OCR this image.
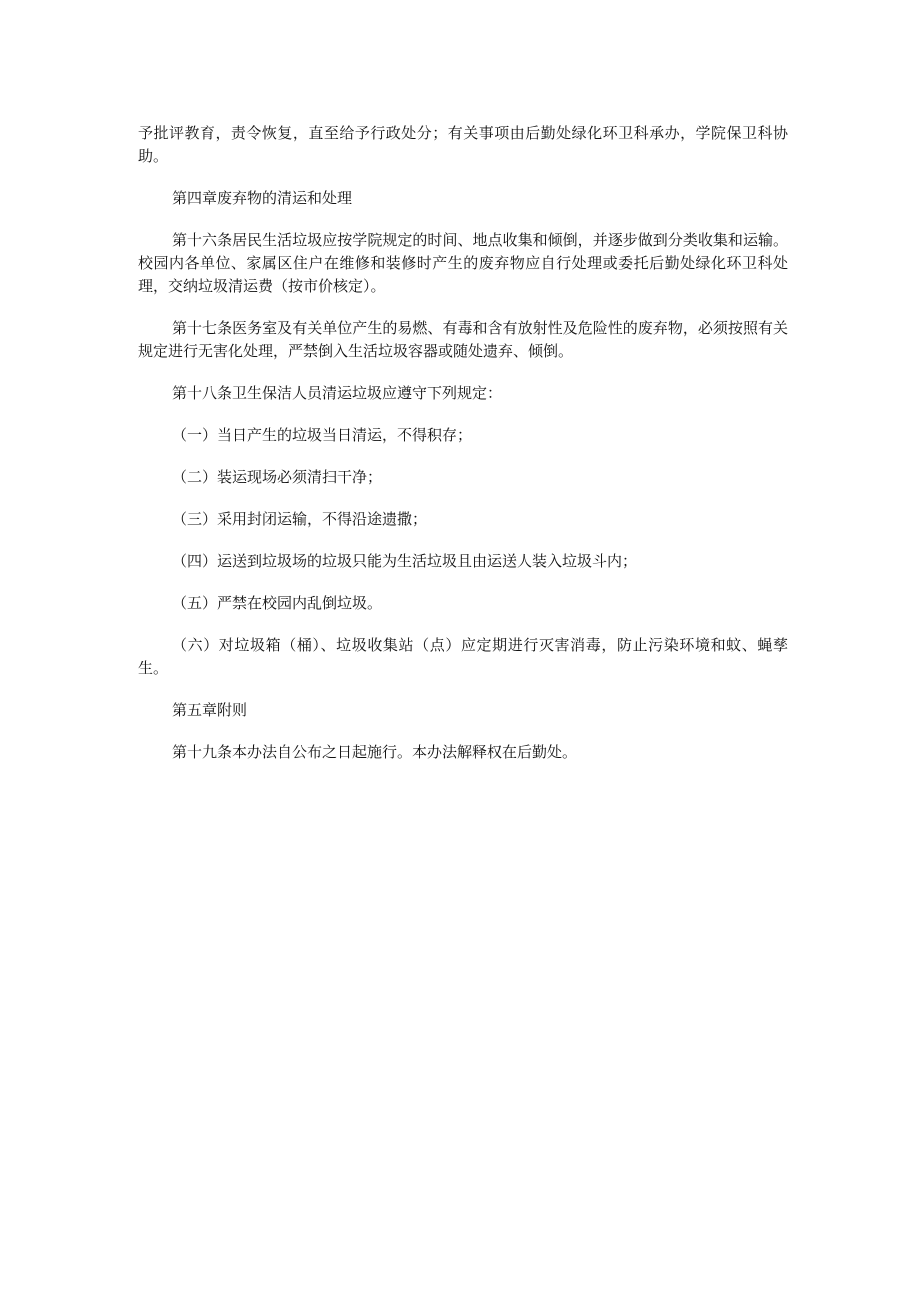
予批评教育，责令恢复，直至给予行政处分；有关事项由后勤处绿化环卫科承办，学院保卫科协助。

第四章废弃物的清运和处理

第十六条居民生活垃圾应按学院规定的时间、地点收集和倾倒，并逐步做到分类收集和运输。校园内各单位、家属区住户在维修和装修时产生的废弃物应自行处理或委托后勤处绿化环卫科处理，交纳垃圾清运费（按市价核定）。

第十七条医务室及有关单位产生的易燃、有毒和含有放射性及危险性的废弃物，必须按照有关规定进行无害化处理，严禁倒入生活垃圾容器或随处遗弃、倾倒。

第十八条卫生保洁人员清运垃圾应遵守下列规定：

（一）当日产生的垃圾当日清运，不得积存；

（二）装运现场必须清扫干净；

（三）采用封闭运输，不得沿途遗撒；

（四）运送到垃圾场的垃圾只能为生活垃圾且由运送人装入垃圾斗内；

（五）严禁在校园内乱倒垃圾。

（六）对垃圾箱（桶）、垃圾收集站（点）应定期进行灭害消毒，防止污染环境和蚊、蝇孳生。

第五章附则

第十九条本办法自公布之日起施行。本办法解释权在后勤处。
